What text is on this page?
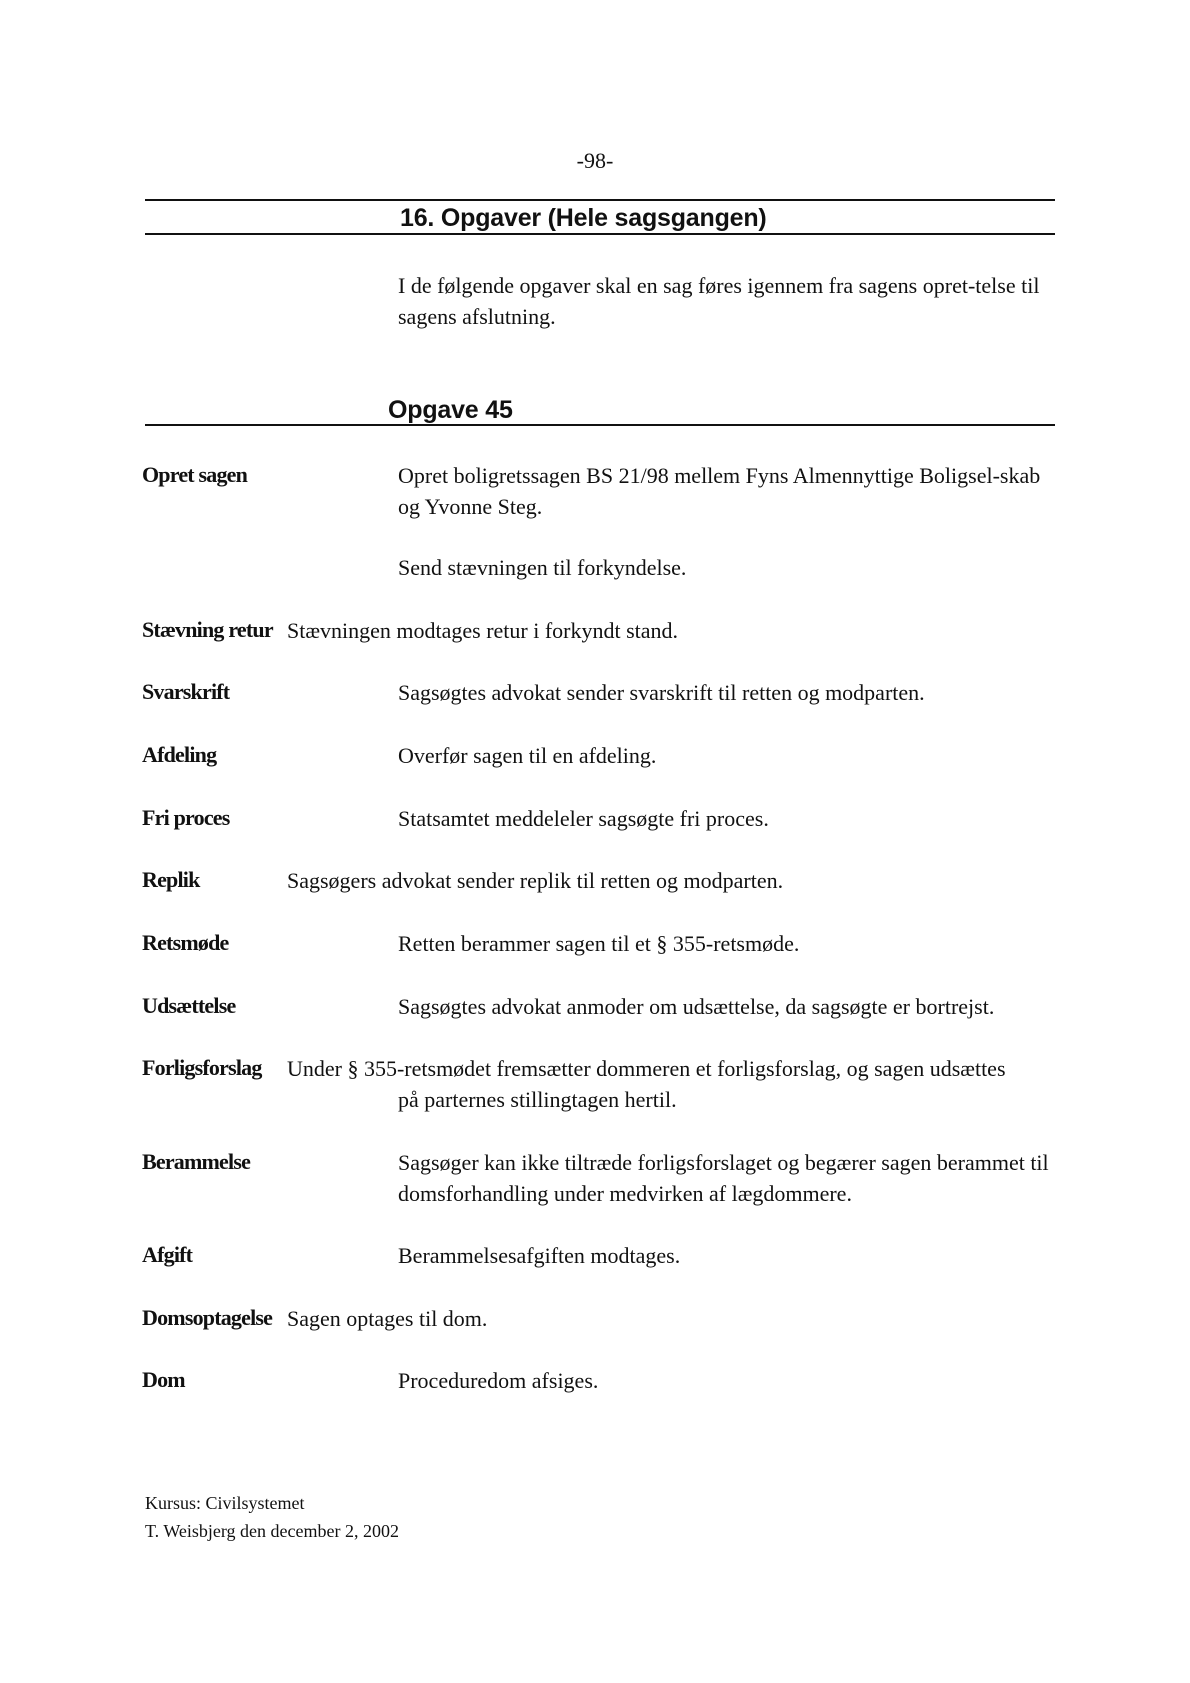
-98-
16. Opgaver (Hele sagsgangen)
I de følgende opgaver skal en sag føres igennem fra sagens opret-telse til sagens afslutning.
Opgave 45
Opret sagen	Opret boligretssagen BS 21/98 mellem Fyns Almennyttige Boligsel-skab og Yvonne Steg.
Send stævningen til forkyndelse.
Stævning retur Stævningen modtages retur i forkyndt stand.
Svarskrift	Sagsøgtes advokat sender svarskrift til retten og modparten.
Afdeling	Overfør sagen til en afdeling.
Fri proces	Statsamtet meddeleler sagsøgte fri proces.
Replik	Sagsøgers advokat sender replik til retten og modparten.
Retsmøde	Retten berammer sagen til et § 355-retsmøde.
Udsættelse	Sagsøgtes advokat anmoder om udsættelse, da sagsøgte er bortrejst.
Forligsforslag Under § 355-retsmødet fremsætter dommeren et forligsforslag, og sagen udsættes
på parternes stillingtagen hertil.
Berammelse	Sagsøger kan ikke tiltræde forligsforslaget og begærer sagen berammet til domsforhandling under medvirken af lægdommere.
Afgift	Berammelsesafgiften modtages.
Domsoptagelse Sagen optages til dom.
Dom	Proceduredom afsiges.
Kursus: Civilsystemet
T. Weisbjerg den december 2, 2002
